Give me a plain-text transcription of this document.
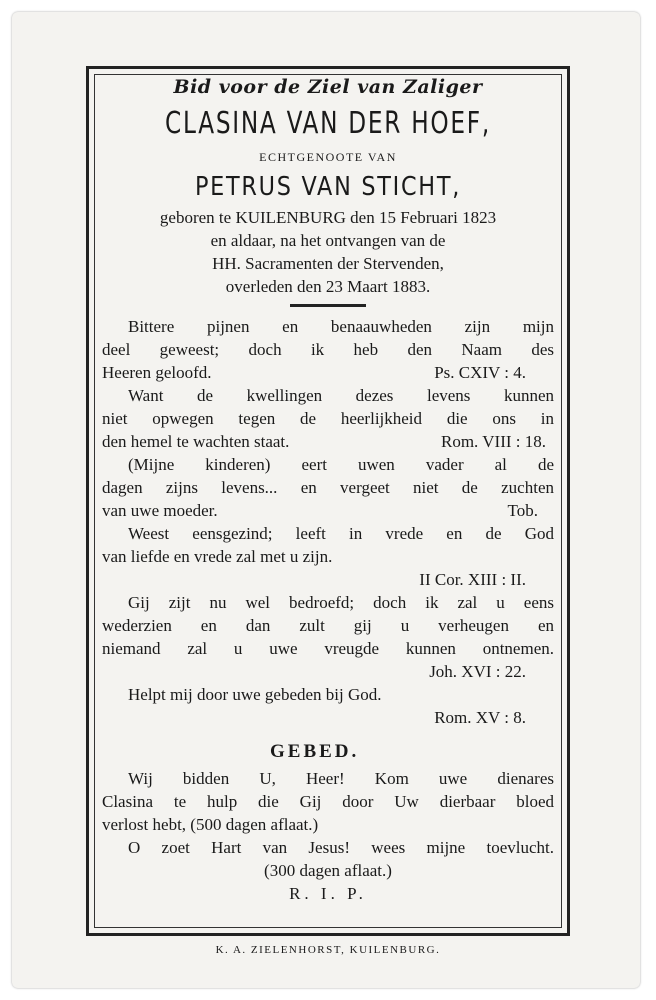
Bid voor de Ziel van Zaliger
CLASINA VAN DER HOEF,
ECHTGENOOTE VAN
PETRUS VAN STICHT,
geboren te KUILENBURG den 15 Februari 1823
en aldaar, na het ontvangen van de
HH. Sacramenten der Stervenden,
overleden den 23 Maart 1883.
Bittere pijnen en benaauwheden zijn mijn
deel geweest; doch ik heb den Naam des
Heeren geloofd.	Ps. CXIV : 4.
Want de kwellingen dezes levens kunnen
niet opwegen tegen de heerlijkheid die ons in
den hemel te wachten staat.	Rom. VIII : 18.
(Mijne kinderen) eert uwen vader al de
dagen zijns levens... en vergeet niet de zuchten
van uwe moeder.	Tob.
Weest eensgezind; leeft in vrede en de God
van liefde en vrede zal met u zijn.
II Cor. XIII : II.
Gij zijt nu wel bedroefd; doch ik zal u eens
wederzien en dan zult gij u verheugen en
niemand zal u uwe vreugde kunnen ontnemen.
Joh. XVI : 22.
Helpt mij door uwe gebeden bij God.
Rom. XV : 8.
GEBED.
Wij bidden U, Heer! Kom uwe dienares
Clasina te hulp die Gij door Uw dierbaar bloed
verlost hebt, (500 dagen aflaat.)
O zoet Hart van Jesus! wees mijne toevlucht.
(300 dagen aflaat.)
R. I. P.
K. A. ZIELENHORST, KUILENBURG.
